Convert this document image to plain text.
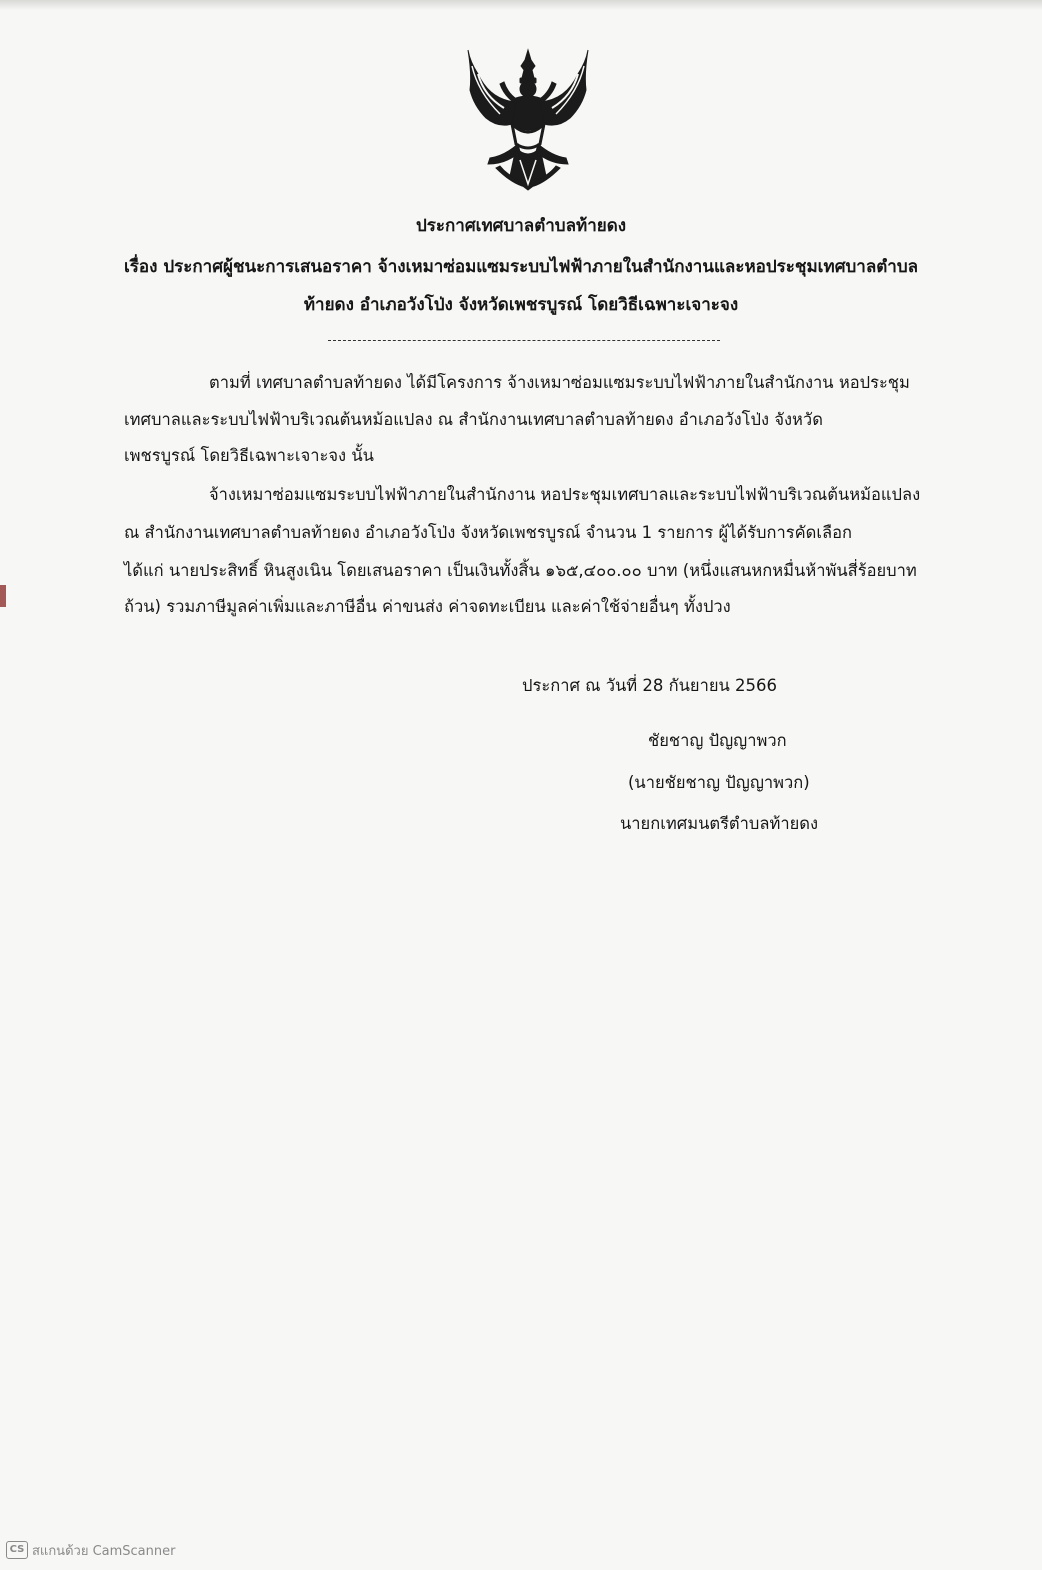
ประกาศเทศบาลตำบลท้ายดง
เรื่อง ประกาศผู้ชนะการเสนอราคา จ้างเหมาซ่อมแซมระบบไฟฟ้าภายในสำนักงานและหอประชุมเทศบาลตำบล
ท้ายดง อำเภอวังโป่ง จังหวัดเพชรบูรณ์ โดยวิธีเฉพาะเจาะจง
ตามที่ เทศบาลตำบลท้ายดง ได้มีโครงการ จ้างเหมาซ่อมแซมระบบไฟฟ้าภายในสำนักงาน หอประชุม
เทศบาลและระบบไฟฟ้าบริเวณต้นหม้อแปลง ณ สำนักงานเทศบาลตำบลท้ายดง อำเภอวังโป่ง จังหวัด
เพชรบูรณ์ โดยวิธีเฉพาะเจาะจง นั้น
จ้างเหมาซ่อมแซมระบบไฟฟ้าภายในสำนักงาน หอประชุมเทศบาลและระบบไฟฟ้าบริเวณต้นหม้อแปลง
ณ สำนักงานเทศบาลตำบลท้ายดง อำเภอวังโป่ง จังหวัดเพชรบูรณ์ จำนวน 1 รายการ ผู้ได้รับการคัดเลือก
ได้แก่ นายประสิทธิ์ หินสูงเนิน โดยเสนอราคา เป็นเงินทั้งสิ้น ๑๖๕,๔๐๐.๐๐ บาท (หนึ่งแสนหกหมื่นห้าพันสี่ร้อยบาท
ถ้วน) รวมภาษีมูลค่าเพิ่มและภาษีอื่น ค่าขนส่ง ค่าจดทะเบียน และค่าใช้จ่ายอื่นๆ ทั้งปวง
ประกาศ ณ วันที่ 28 กันยายน 2566
ชัยชาญ ปัญญาพวก
(นายชัยชาญ ปัญญาพวก)
นายกเทศมนตรีตำบลท้ายดง
CS สแกนด้วย CamScanner
